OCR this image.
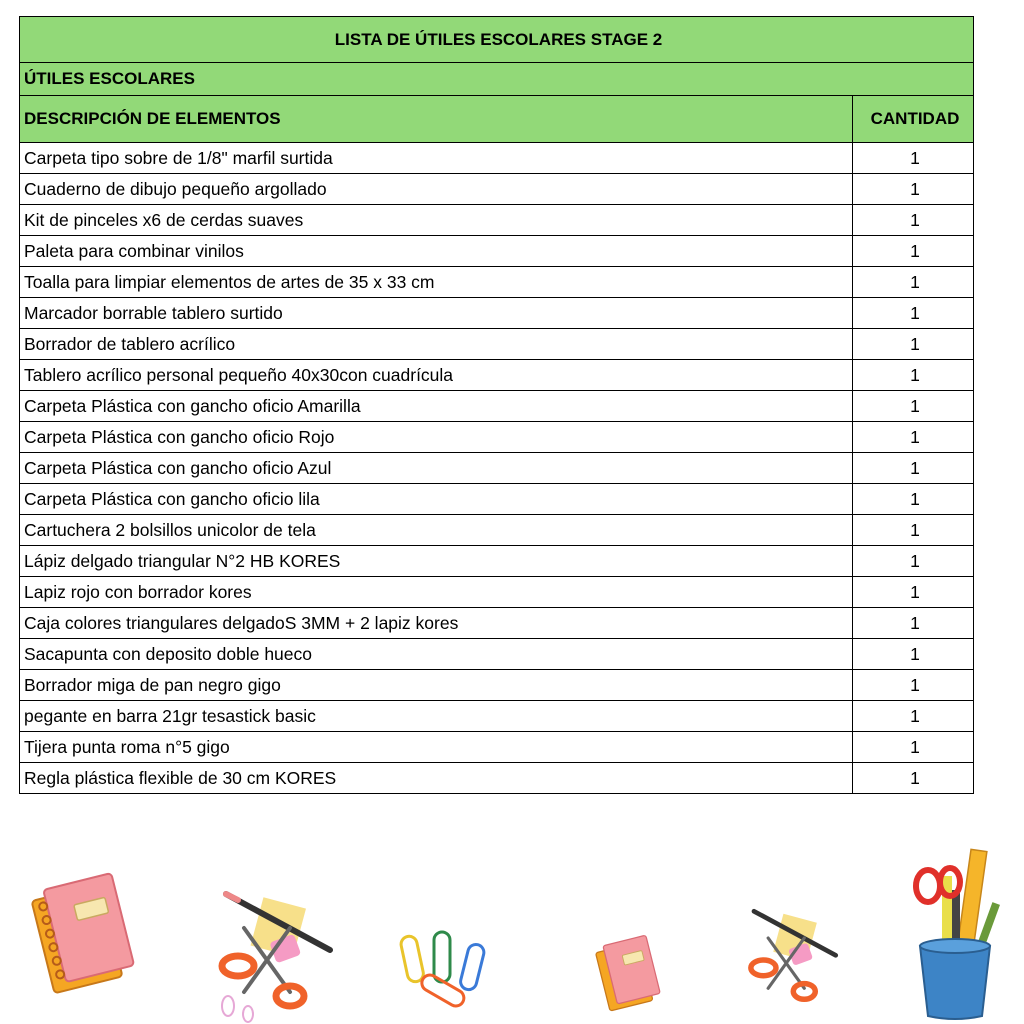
LISTA DE ÚTILES ESCOLARES STAGE 2	
ÚTILES ESCOLARES	
DESCRIPCIÓN DE ELEMENTOS	CANTIDAD
Carpeta tipo sobre de 1/8" marfil surtida	1
Cuaderno de dibujo pequeño argollado	1
Kit de pinceles x6 de cerdas suaves	1
Paleta para combinar vinilos	1
Toalla para limpiar elementos de artes de 35 x 33 cm	1
Marcador borrable tablero surtido	1
Borrador de tablero acrílico	1
Tablero acrílico personal pequeño 40x30con cuadrícula	1
Carpeta Plástica con gancho oficio Amarilla	1
Carpeta Plástica con gancho oficio Rojo	1
Carpeta Plástica con gancho oficio Azul	1
Carpeta Plástica con gancho oficio lila	1
Cartuchera 2 bolsillos unicolor de tela	1
Lápiz delgado triangular N°2 HB KORES	1
Lapiz rojo con borrador kores	1
Caja colores triangulares delgadoS 3MM + 2 lapiz kores	1
Sacapunta con deposito doble hueco	1
Borrador miga de pan negro gigo	1
pegante en barra 21gr tesastick basic	1
Tijera punta roma n°5 gigo	1
Regla plástica flexible de 30 cm KORES	1
